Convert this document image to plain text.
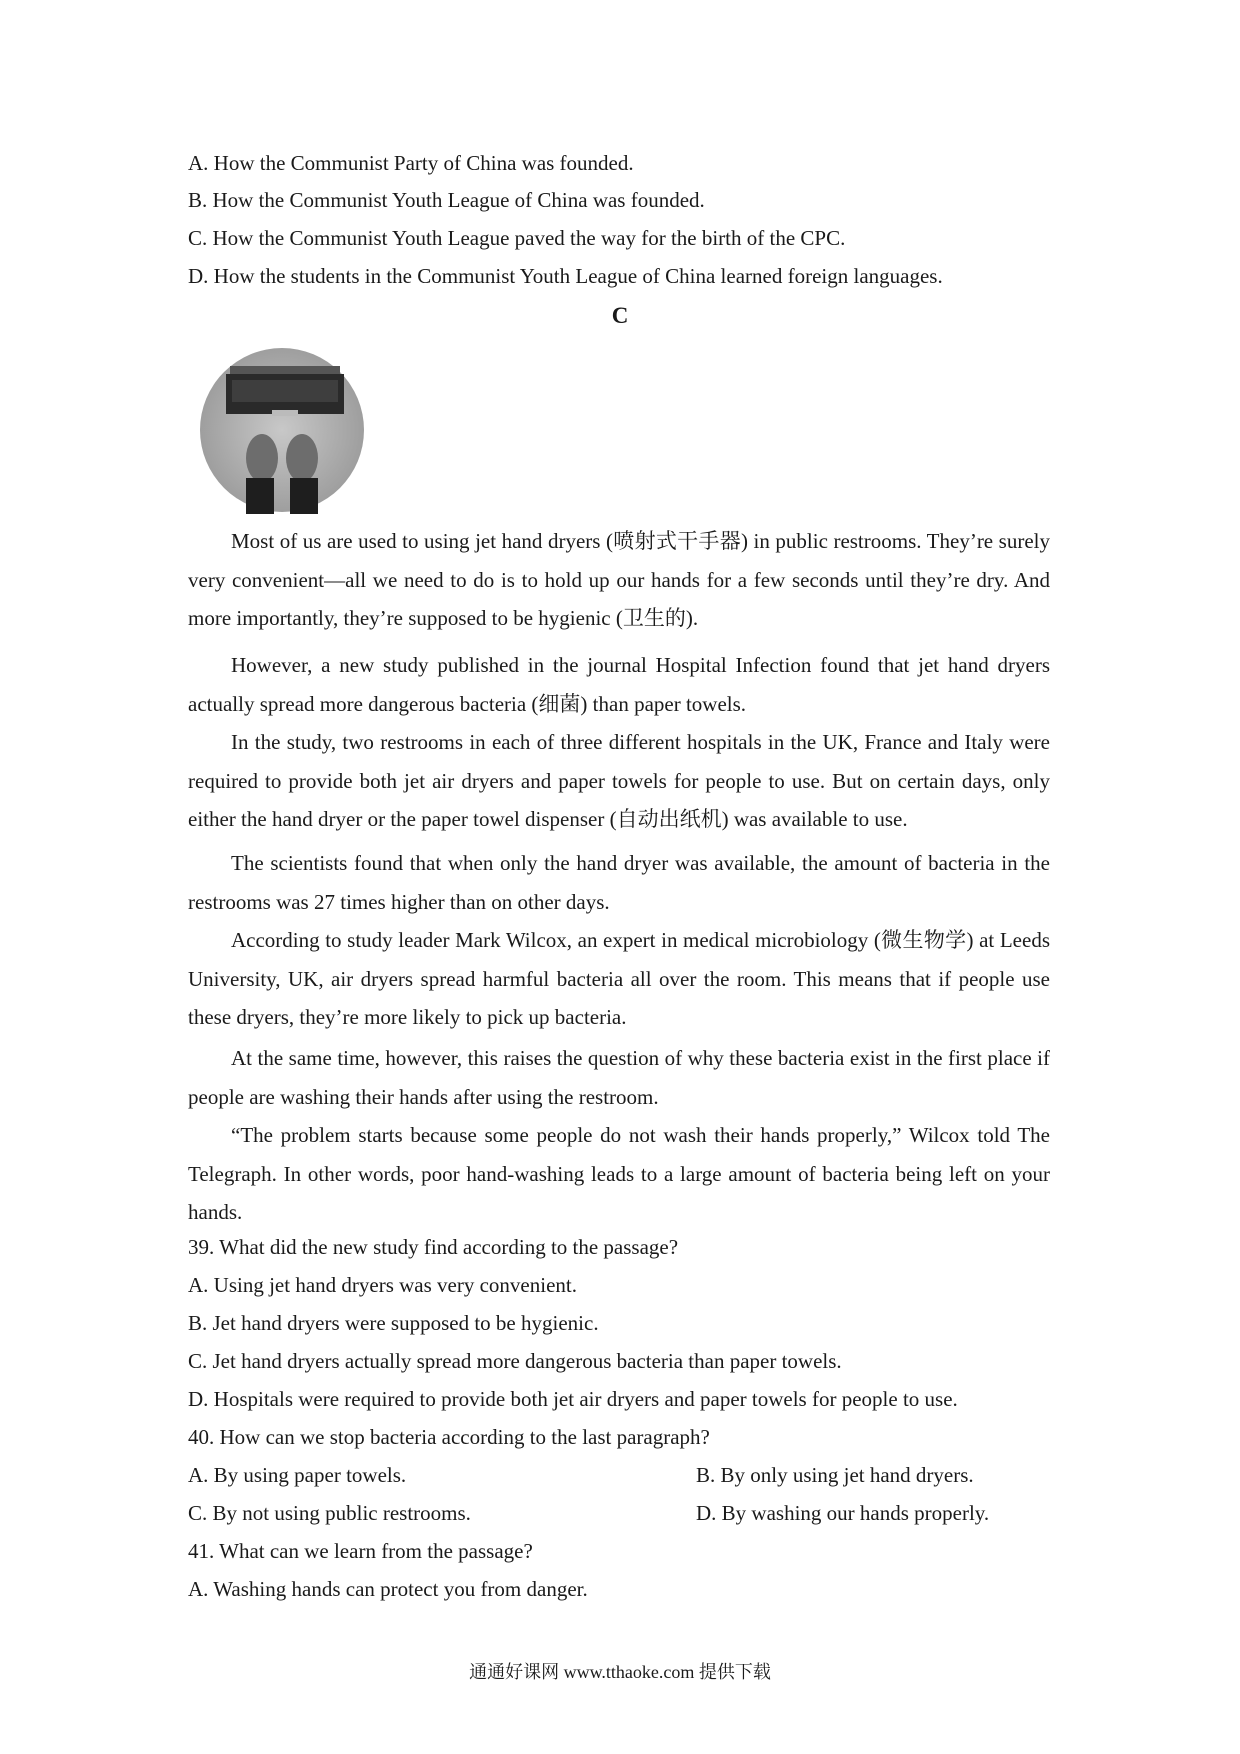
A. How the Communist Party of China was founded.
B. How the Communist Youth League of China was founded.
C. How the Communist Youth League paved the way for the birth of the CPC.
D. How the students in the Communist Youth League of China learned foreign languages.
C
Most of us are used to using jet hand dryers (喷射式干手器) in public restrooms. They’re surely very convenient—all we need to do is to hold up our hands for a few seconds until they’re dry. And more importantly, they’re supposed to be hygienic (卫生的).
However, a new study published in the journal Hospital Infection found that jet hand dryers actually spread more dangerous bacteria (细菌) than paper towels.
In the study, two restrooms in each of three different hospitals in the UK, France and Italy were required to provide both jet air dryers and paper towels for people to use. But on certain days, only either the hand dryer or the paper towel dispenser (自动出纸机) was available to use.
The scientists found that when only the hand dryer was available, the amount of bacteria in the restrooms was 27 times higher than on other days.
According to study leader Mark Wilcox, an expert in medical microbiology (微生物学) at Leeds University, UK, air dryers spread harmful bacteria all over the room. This means that if people use these dryers, they’re more likely to pick up bacteria.
At the same time, however, this raises the question of why these bacteria exist in the first place if people are washing their hands after using the restroom.
“The problem starts because some people do not wash their hands properly,” Wilcox told The Telegraph. In other words, poor hand-washing leads to a large amount of bacteria being left on your hands.
39. What did the new study find according to the passage?
A. Using jet hand dryers was very convenient.
B. Jet hand dryers were supposed to be hygienic.
C. Jet hand dryers actually spread more dangerous bacteria than paper towels.
D. Hospitals were required to provide both jet air dryers and paper towels for people to use.
40. How can we stop bacteria according to the last paragraph?
A. By using paper towels.	B. By only using jet hand dryers.
C. By not using public restrooms.	D. By washing our hands properly.
41. What can we learn from the passage?
A. Washing hands can protect you from danger.
通通好课网 www.tthaoke.com 提供下载
